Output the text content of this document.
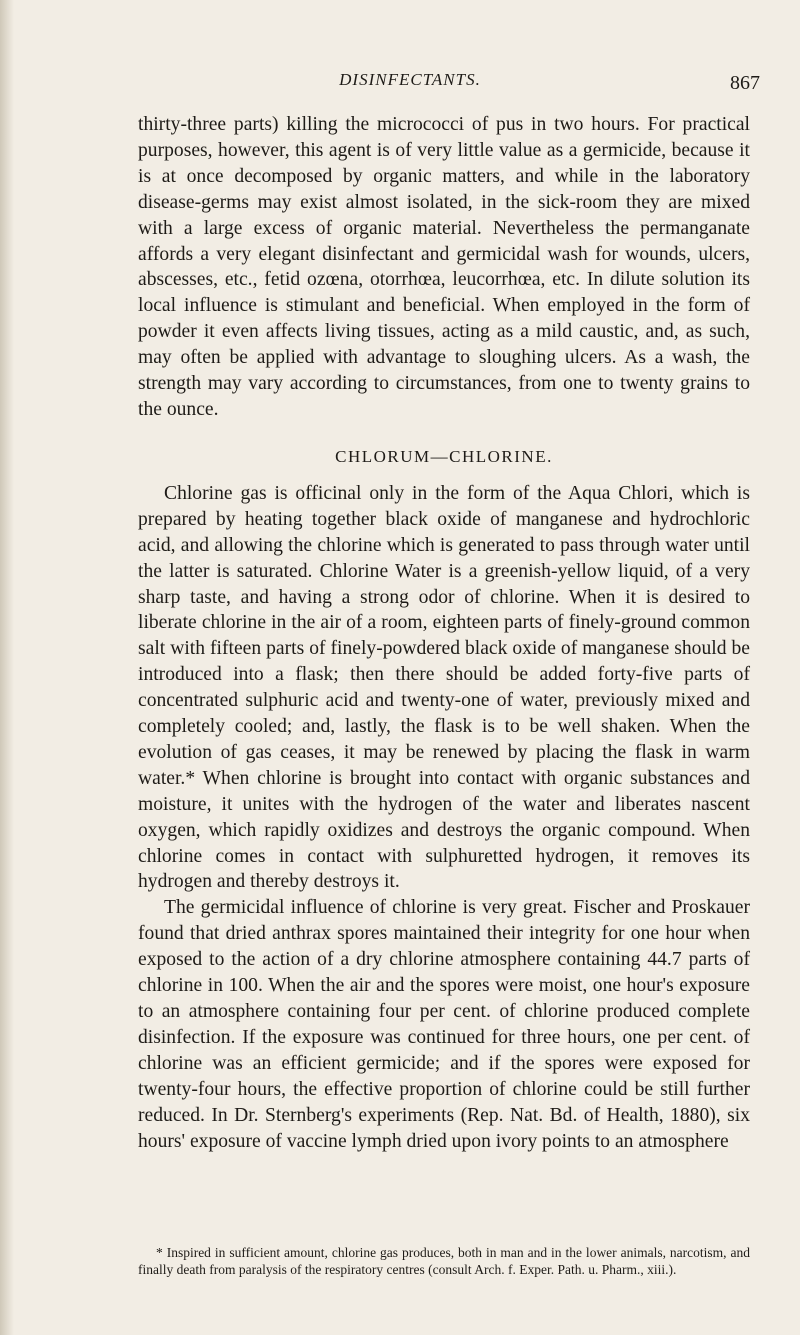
DISINFECTANTS.	867

thirty-three parts) killing the micrococci of pus in two hours. For practical purposes, however, this agent is of very little value as a germicide, because it is at once decomposed by organic matters, and while in the laboratory disease-germs may exist almost isolated, in the sick-room they are mixed with a large excess of organic material. Nevertheless the permanganate affords a very elegant disinfectant and germicidal wash for wounds, ulcers, abscesses, etc., fetid ozœna, otorrhœa, leucorrhœa, etc. In dilute solution its local influence is stimulant and beneficial. When employed in the form of powder it even affects living tissues, acting as a mild caustic, and, as such, may often be applied with advantage to sloughing ulcers. As a wash, the strength may vary according to circumstances, from one to twenty grains to the ounce.

CHLORUM—CHLORINE.

Chlorine gas is officinal only in the form of the Aqua Chlori, which is prepared by heating together black oxide of manganese and hydrochloric acid, and allowing the chlorine which is generated to pass through water until the latter is saturated. Chlorine Water is a greenish-yellow liquid, of a very sharp taste, and having a strong odor of chlorine. When it is desired to liberate chlorine in the air of a room, eighteen parts of finely-ground common salt with fifteen parts of finely-powdered black oxide of manganese should be introduced into a flask; then there should be added forty-five parts of concentrated sulphuric acid and twenty-one of water, previously mixed and completely cooled; and, lastly, the flask is to be well shaken. When the evolution of gas ceases, it may be renewed by placing the flask in warm water.* When chlorine is brought into contact with organic substances and moisture, it unites with the hydrogen of the water and liberates nascent oxygen, which rapidly oxidizes and destroys the organic compound. When chlorine comes in contact with sulphuretted hydrogen, it removes its hydrogen and thereby destroys it.

The germicidal influence of chlorine is very great. Fischer and Proskauer found that dried anthrax spores maintained their integrity for one hour when exposed to the action of a dry chlorine atmosphere containing 44.7 parts of chlorine in 100. When the air and the spores were moist, one hour's exposure to an atmosphere containing four per cent. of chlorine produced complete disinfection. If the exposure was continued for three hours, one per cent. of chlorine was an efficient germicide; and if the spores were exposed for twenty-four hours, the effective proportion of chlorine could be still further reduced. In Dr. Sternberg's experiments (Rep. Nat. Bd. of Health, 1880), six hours' exposure of vaccine lymph dried upon ivory points to an atmosphere

* Inspired in sufficient amount, chlorine gas produces, both in man and in the lower animals, narcotism, and finally death from paralysis of the respiratory centres (consult Arch. f. Exper. Path. u. Pharm., xiii.).
